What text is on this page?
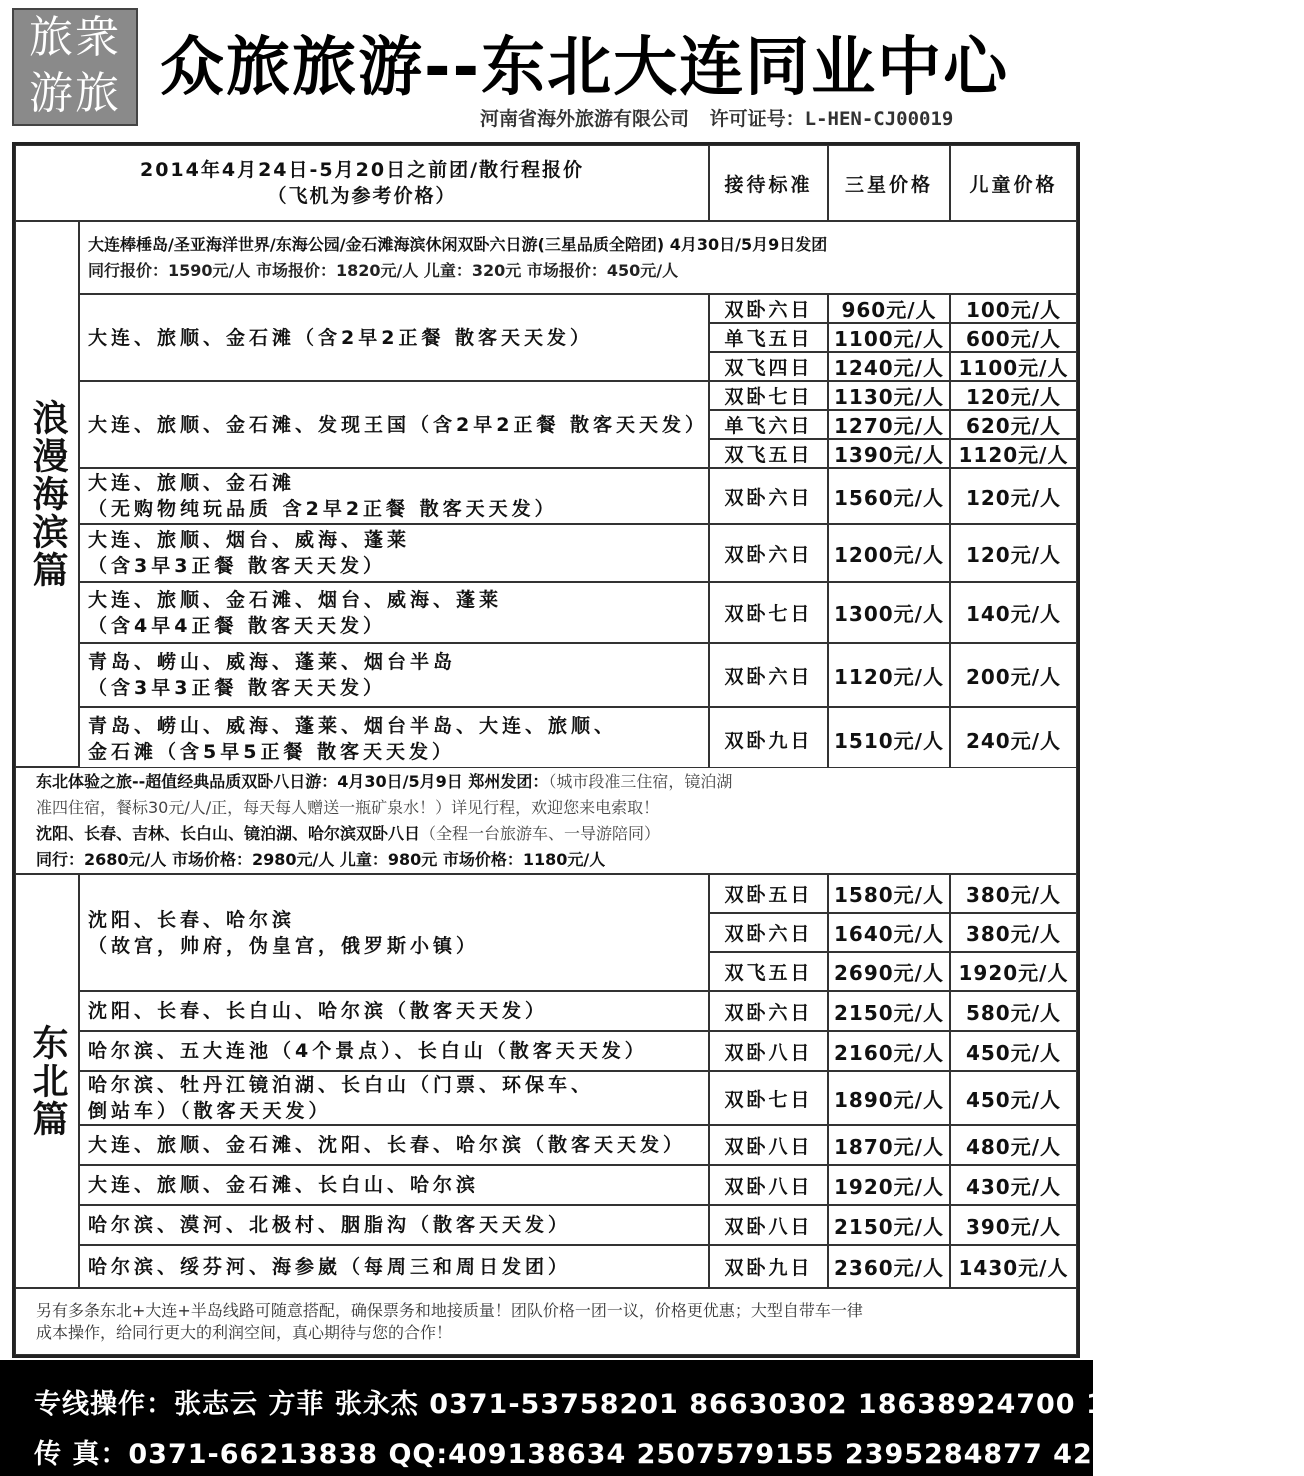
旅衆
游旅 众旅旅游--东北大连同业中心
河南省海外旅游有限公司 许可证号：L-HEN-CJ00019
2014年4月24日-5月20日之前团/散行程报价
（飞机为参考价格）
接待标准 三星价格 儿童价格
浪漫海滨篇
大连棒棰岛/圣亚海洋世界/东海公园/金石滩海滨休闲双卧六日游(三星品质全陪团) 4月30日/5月9日发团
同行报价：1590元/人 市场报价：1820元/人 儿童：320元 市场报价：450元/人
大连、旅顺、金石滩（含2早2正餐 散客天天发）
双卧六日 960元/人 100元/人
单飞五日 1100元/人 600元/人
双飞四日 1240元/人 1100元/人
大连、旅顺、金石滩、发现王国（含2早2正餐 散客天天发）
双卧七日 1130元/人 120元/人
单飞六日 1270元/人 620元/人
双飞五日 1390元/人 1120元/人
大连、旅顺、金石滩
（无购物纯玩品质 含2早2正餐 散客天天发）
双卧六日 1560元/人 120元/人
大连、旅顺、烟台、威海、蓬莱
（含3早3正餐 散客天天发）
双卧六日 1200元/人 120元/人
大连、旅顺、金石滩、烟台、威海、蓬莱
（含4早4正餐 散客天天发）
双卧七日 1300元/人 140元/人
青岛、崂山、威海、蓬莱、烟台半岛
（含3早3正餐 散客天天发）
双卧六日 1120元/人 200元/人
青岛、崂山、威海、蓬莱、烟台半岛、大连、旅顺、
金石滩（含5早5正餐 散客天天发）
双卧九日 1510元/人 240元/人
东北体验之旅--超值经典品质双卧八日游：4月30日/5月9日 郑州发团：（城市段准三住宿，镜泊湖
准四住宿，餐标30元/人/正，每天每人赠送一瓶矿泉水！）详见行程，欢迎您来电索取！
沈阳、长春、吉林、长白山、镜泊湖、哈尔滨双卧八日（全程一台旅游车、一导游陪同）
同行：2680元/人 市场价格：2980元/人 儿童：980元 市场价格：1180元/人
东北篇
沈阳、长春、哈尔滨
（故宫，帅府，伪皇宫，俄罗斯小镇）
双卧五日 1580元/人 380元/人
双卧六日 1640元/人 380元/人
双飞五日 2690元/人 1920元/人
沈阳、长春、长白山、哈尔滨（散客天天发）	双卧六日 2150元/人 580元/人
哈尔滨、五大连池（4个景点）、长白山（散客天天发）	双卧八日 2160元/人 450元/人
哈尔滨、牡丹江镜泊湖、长白山（门票、环保车、
倒站车）（散客天天发）
双卧七日 1890元/人 450元/人
大连、旅顺、金石滩、沈阳、长春、哈尔滨（散客天天发） 双卧八日 1870元/人 480元/人
大连、旅顺、金石滩、长白山、哈尔滨	双卧八日 1920元/人 430元/人
哈尔滨、漠河、北极村、胭脂沟（散客天天发）	双卧八日 2150元/人 390元/人
哈尔滨、绥芬河、海参崴（每周三和周日发团）	双卧九日 2360元/人 1430元/人
另有多条东北+大连+半岛线路可随意搭配，确保票务和地接质量！团队价格一团一议，价格更优惠；大型自带车一律
成本操作，给同行更大的利润空间，真心期待与您的合作！
专线操作：张志云 方菲 张永杰 0371-53758201 86630302 18638924700 13043710256
传 真：0371-66213838 QQ:409138634 2507579155 2395284877 422042337
